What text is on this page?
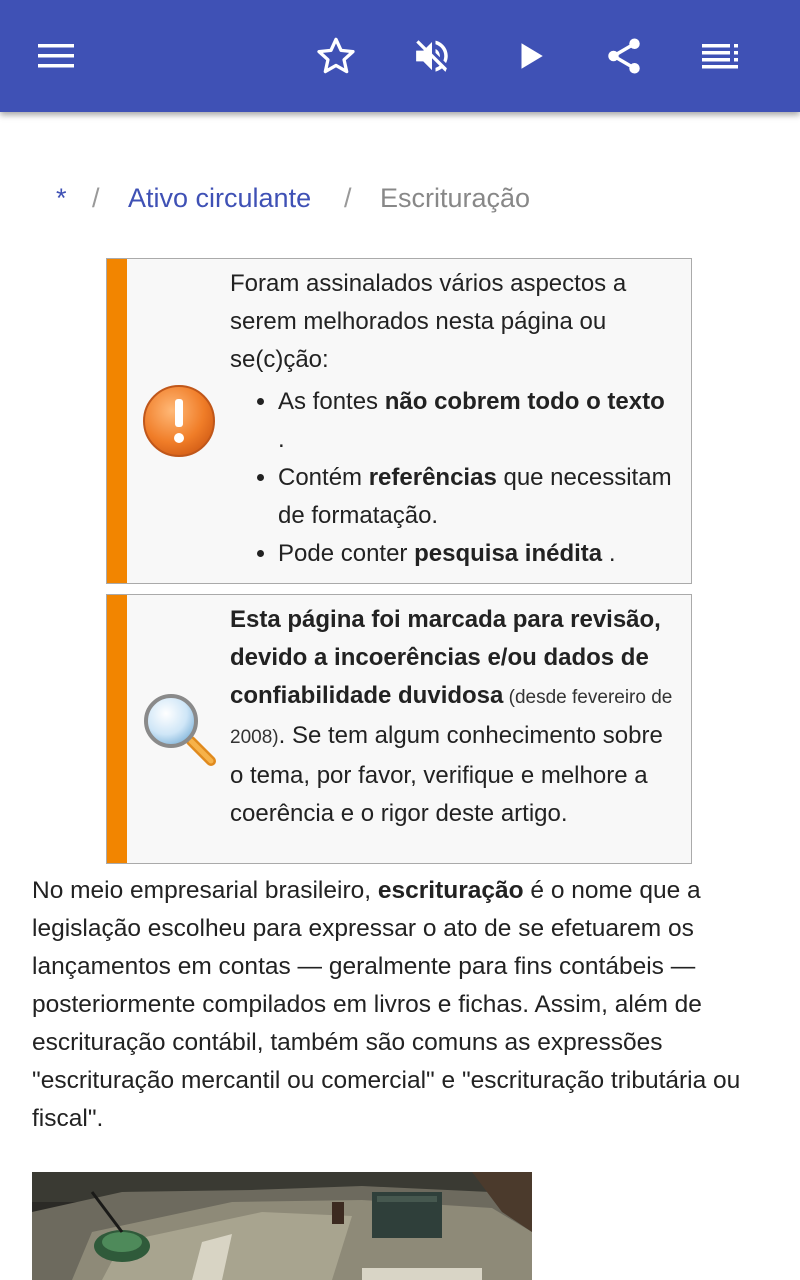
* / Ativo circulante / Escrituração
Foram assinalados vários aspectos a serem melhorados nesta página ou se(c)ção:
• As fontes não cobrem todo o texto .
• Contém referências que necessitam de formatação.
• Pode conter pesquisa inédita .
Esta página foi marcada para revisão, devido a incoerências e/ou dados de confiabilidade duvidosa (desde fevereiro de 2008). Se tem algum conhecimento sobre o tema, por favor, verifique e melhore a coerência e o rigor deste artigo.
No meio empresarial brasileiro, escrituração é o nome que a legislação escolheu para expressar o ato de se efetuarem os lançamentos em contas — geralmente para fins contábeis — posteriormente compilados em livros e fichas. Assim, além de escrituração contábil, também são comuns as expressões "escrituração mercantil ou comercial" e "escrituração tributária ou fiscal".
